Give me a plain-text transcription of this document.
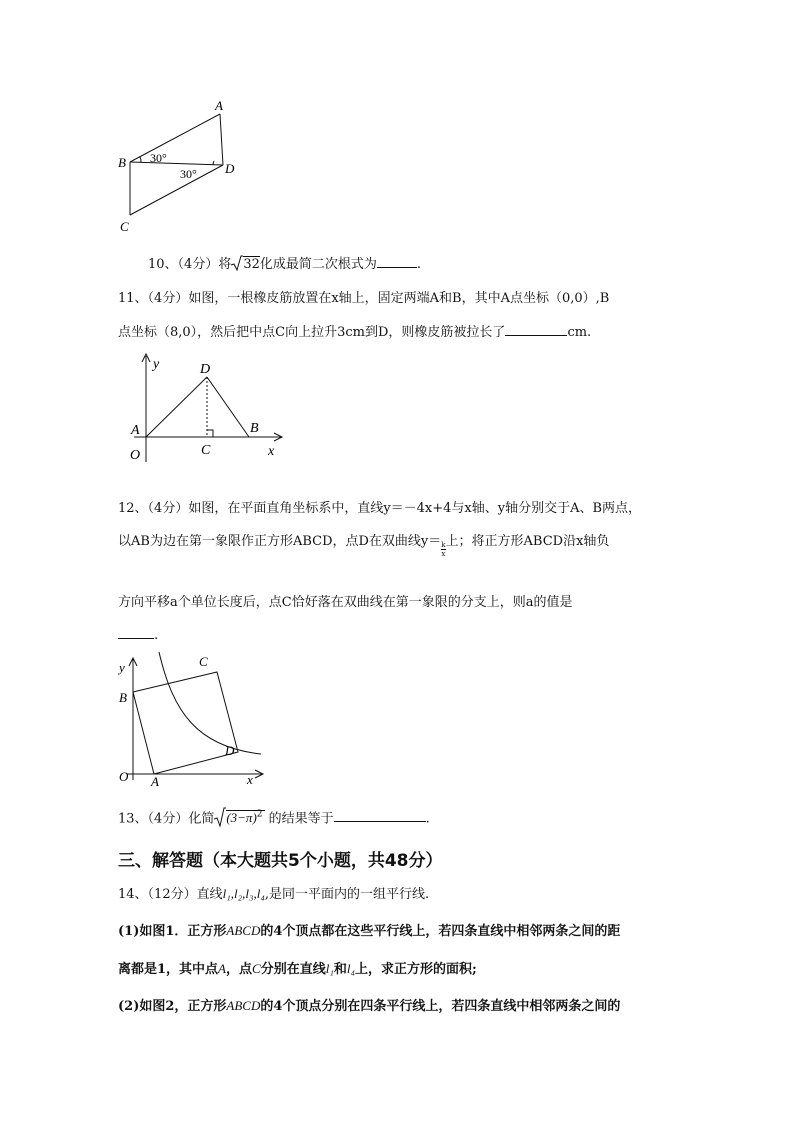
A
B
C
D
30°
30°
10、（4分）将 32化成最简二次根式为	.
11、（4分）如图，一根橡皮筋放置在x轴上，固定两端A和B，其中A点坐标（0,0）,B
点坐标（8,0），然后把中点C向上拉升3cm到D，则橡皮筋被拉长了	cm.
y
x
A
O	C
D
B
12、（4分）如图，在平面直角坐标系中，直线y＝－4x+4与x轴、y轴分别交于A、B两点，
以AB为边在第一象限作正方形ABCD，点D在双曲线$y= \frac{k}{x}$ 上；将正方形ABCD沿x轴负
方向平移a个单位长度后，点C恰好落在双曲线在第一象限的分支上，则a的值是
.
y
x
O A
B
C
D
13、（4分）化简 $(3-\pi)^2$ 的结果等于	.
三、解答题（本大题共5个小题，共48分）
14、（12分）直线l₁,l₂,l₃,l₄,是同一平面内的一组平行线.
(1)如图1．正方形ABCD的4个顶点都在这些平行线上，若四条直线中相邻两条之间的距
离都是1，其中点A，点C分别在直线l₁和l₄上，求正方形的面积;
(2)如图2，正方形ABCD的4个顶点分别在四条平行线上，若四条直线中相邻两条之间的
